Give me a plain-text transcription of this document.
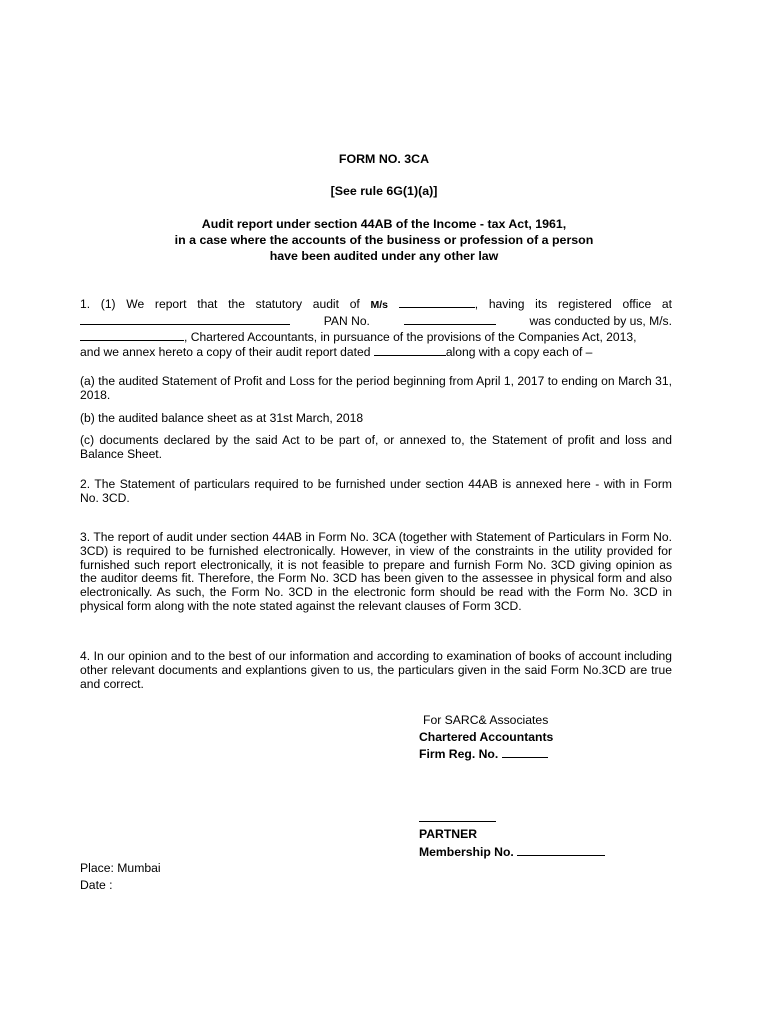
FORM NO. 3CA
[See rule 6G(1)(a)]
Audit report under section 44AB of the Income - tax Act, 1961,
in a case where the accounts of the business or profession of a person
have been audited under any other law
1. (1) We report that the statutory audit of M/s	, having its registered office at
PAN No.	was conducted by us, M/s.
, Chartered Accountants, in pursuance of the provisions of the Companies Act, 2013,
and we annex hereto a copy of their audit report dated	along with a copy each of –
(a) the audited Statement of Profit and Loss for the period beginning from April 1, 2017 to ending on March 31, 2018.
(b) the audited balance sheet as at 31st March, 2018
(c) documents declared by the said Act to be part of, or annexed to, the Statement of profit and loss and Balance Sheet.
2. The Statement of particulars required to be furnished under section 44AB is annexed here - with in Form No. 3CD.
3. The report of audit under section 44AB in Form No. 3CA (together with Statement of Particulars in Form No. 3CD) is required to be furnished electronically. However, in view of the constraints in the utility provided for furnished such report electronically, it is not feasible to prepare and furnish Form No. 3CD giving opinion as the auditor deems fit. Therefore, the Form No. 3CD has been given to the assessee in physical form and also electronically. As such, the Form No. 3CD in the electronic form should be read with the Form No. 3CD in physical form along with the note stated against the relevant clauses of Form 3CD.
4. In our opinion and to the best of our information and according to examination of books of account including other relevant documents and explantions given to us, the particulars given in the said Form No.3CD are true and correct.
For SARC& Associates
Chartered Accountants
Firm Reg. No.
PARTNER
Membership No.
Place: Mumbai
Date :
